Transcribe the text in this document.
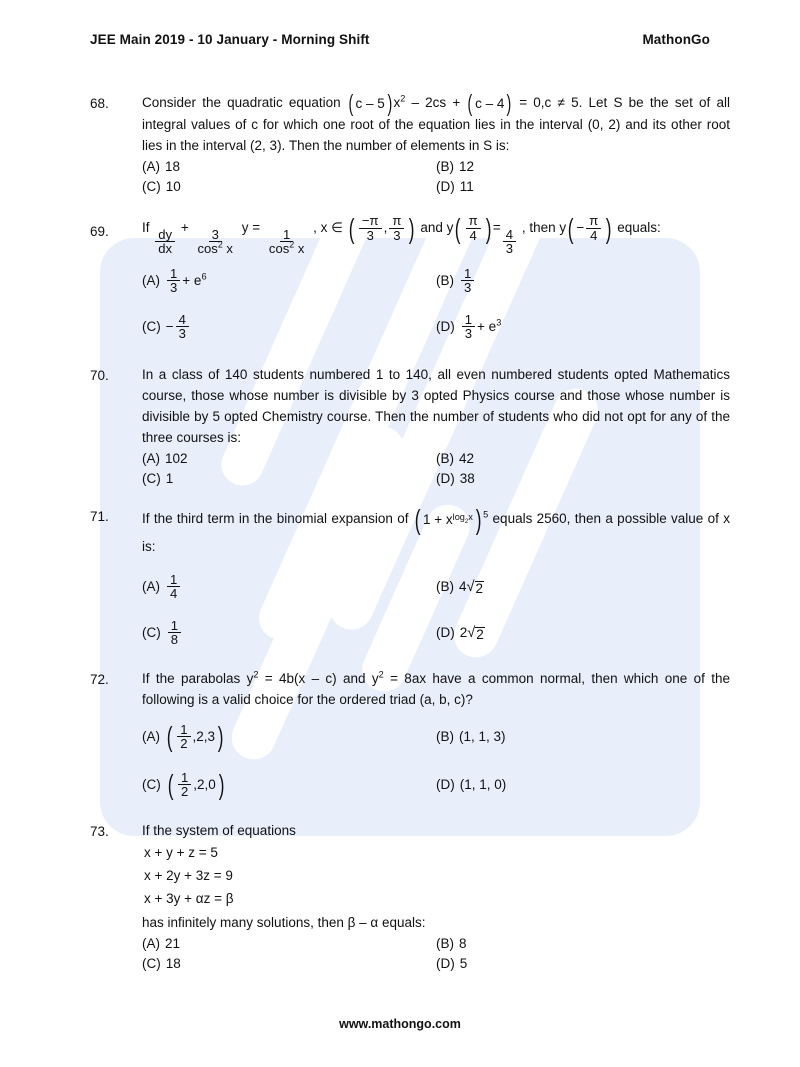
JEE Main 2019 - 10 January - Morning Shift	MathonGo
68.	Consider the quadratic equation ( c – 5 ) $x^2 - 2cs$ + ( c – 4 ) = 0,c ≠ 5. Let S be the set of all integral values of c for which one root of the equation lies in the interval (0, 2) and its other root lies in the interval (2, 3). Then the number of elements in S is:
(A) 18	(B) 12
(C) 10	(D) 11
69.	If
$\frac{dy}{dx}$
+
$\frac{3}{\cos^2 x}$
y =
$\frac{1}{\cos^2 x}$
, x ∈ ( $\frac{-\pi}{3}$ , $\frac{\pi}{3}$ ) and y ( $\frac{\pi}{4}$ ) =
$\frac{4}{3}$
, then y ( − $\frac{\pi}{4}$ ) equals:
$(A) \frac{1}{3} + e^6$	$(B) \frac{1}{3}$
$(C) - \frac{4}{3}$	$(D) \frac{1}{3} + e^3$
70.	In a class of 140 students numbered 1 to 140, all even numbered students opted Mathematics course, those whose number is divisible by 3 opted Physics course and those whose number is divisible by 5 opted Chemistry course. Then the number of students who did not opt for any of the three courses is:
(A) 102	(B) 42
(C) 1	(D) 38
71.	If the third term in the binomial expansion of ( 1 + x $\log_2x$ ) $^5$ equals 2560, then a possible value of x is:
$(A) \frac{1}{4}$	(B) 4 √ 2
$(C) \frac{1}{8}$	(D) 2 √ 2
72.	If the parabolas $y^2 = 4b(x - c)$ and $y^2 = 8ax$ have a common normal, then which one of the following is a valid choice for the ordered triad (a, b, c)?
(A) ( $\frac{1}{2} ,2,3$ )	(B) (1, 1, 3)
(C) ( $\frac{1}{2} ,2,0$ )	(D) (1, 1, 0)
73.	If the system of equations
x + y + z = 5
x + 2y + 3z = 9
x + 3y + αz = β
has infinitely many solutions, then β – α equals:
(A) 21	(B) 8
(C) 18	(D) 5
www.mathongo.com
